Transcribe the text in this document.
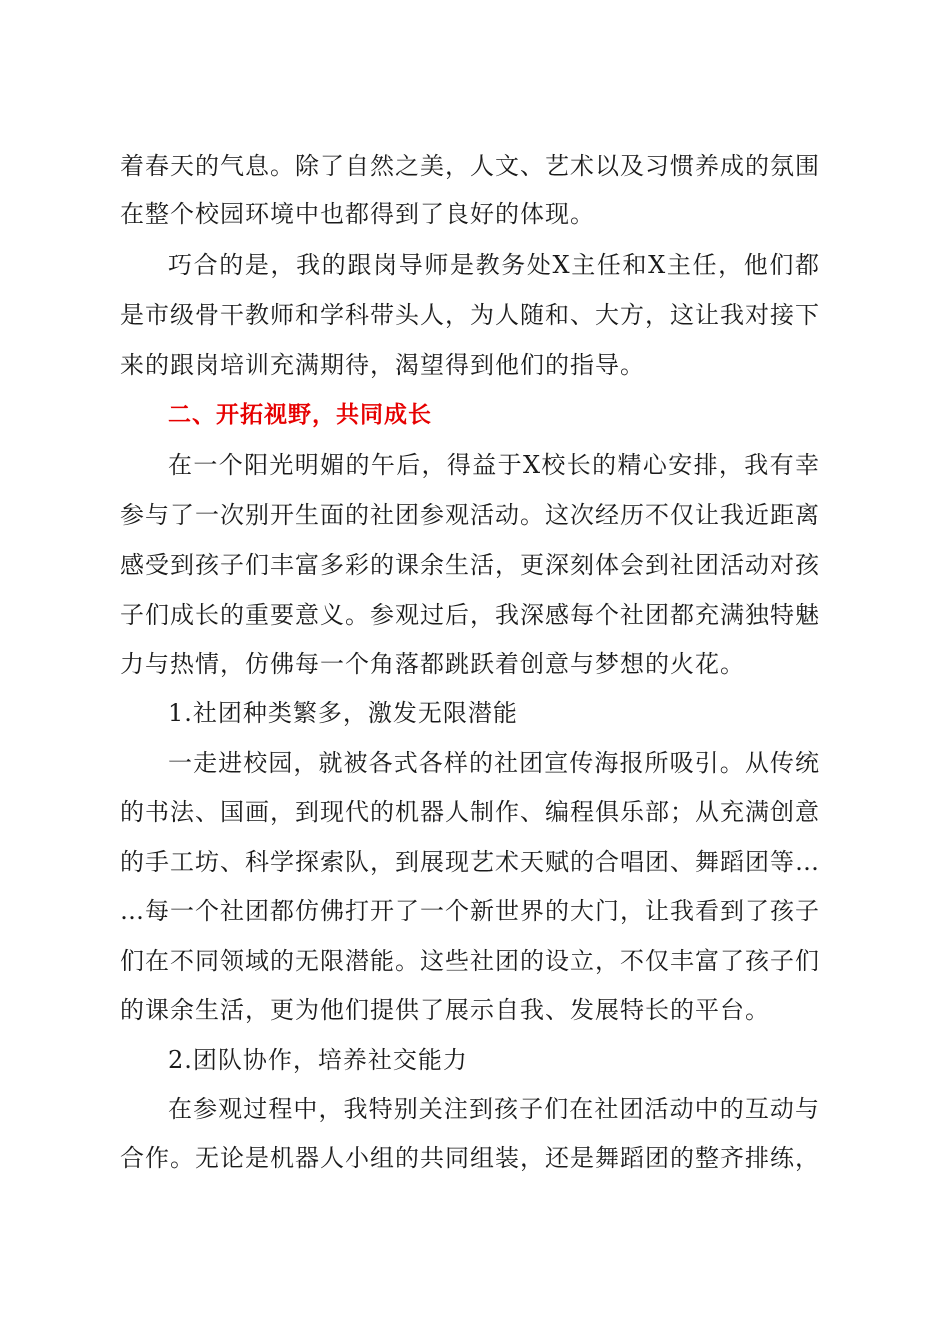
着春天的气息。除了自然之美，人文、艺术以及习惯养成的氛围
在整个校园环境中也都得到了良好的体现。
巧合的是，我的跟岗导师是教务处X主任和X主任，他们都
是市级骨干教师和学科带头人，为人随和、大方，这让我对接下
来的跟岗培训充满期待，渴望得到他们的指导。
二、开拓视野，共同成长
在一个阳光明媚的午后，得益于X校长的精心安排，我有幸
参与了一次别开生面的社团参观活动。这次经历不仅让我近距离
感受到孩子们丰富多彩的课余生活，更深刻体会到社团活动对孩
子们成长的重要意义。参观过后，我深感每个社团都充满独特魅
力与热情，仿佛每一个角落都跳跃着创意与梦想的火花。
1.社团种类繁多，激发无限潜能
一走进校园，就被各式各样的社团宣传海报所吸引。从传统
的书法、国画，到现代的机器人制作、编程俱乐部；从充满创意
的手工坊、科学探索队，到展现艺术天赋的合唱团、舞蹈团等…
…每一个社团都仿佛打开了一个新世界的大门，让我看到了孩子
们在不同领域的无限潜能。这些社团的设立，不仅丰富了孩子们
的课余生活，更为他们提供了展示自我、发展特长的平台。
2.团队协作，培养社交能力
在参观过程中，我特别关注到孩子们在社团活动中的互动与
合作。无论是机器人小组的共同组装，还是舞蹈团的整齐排练，
